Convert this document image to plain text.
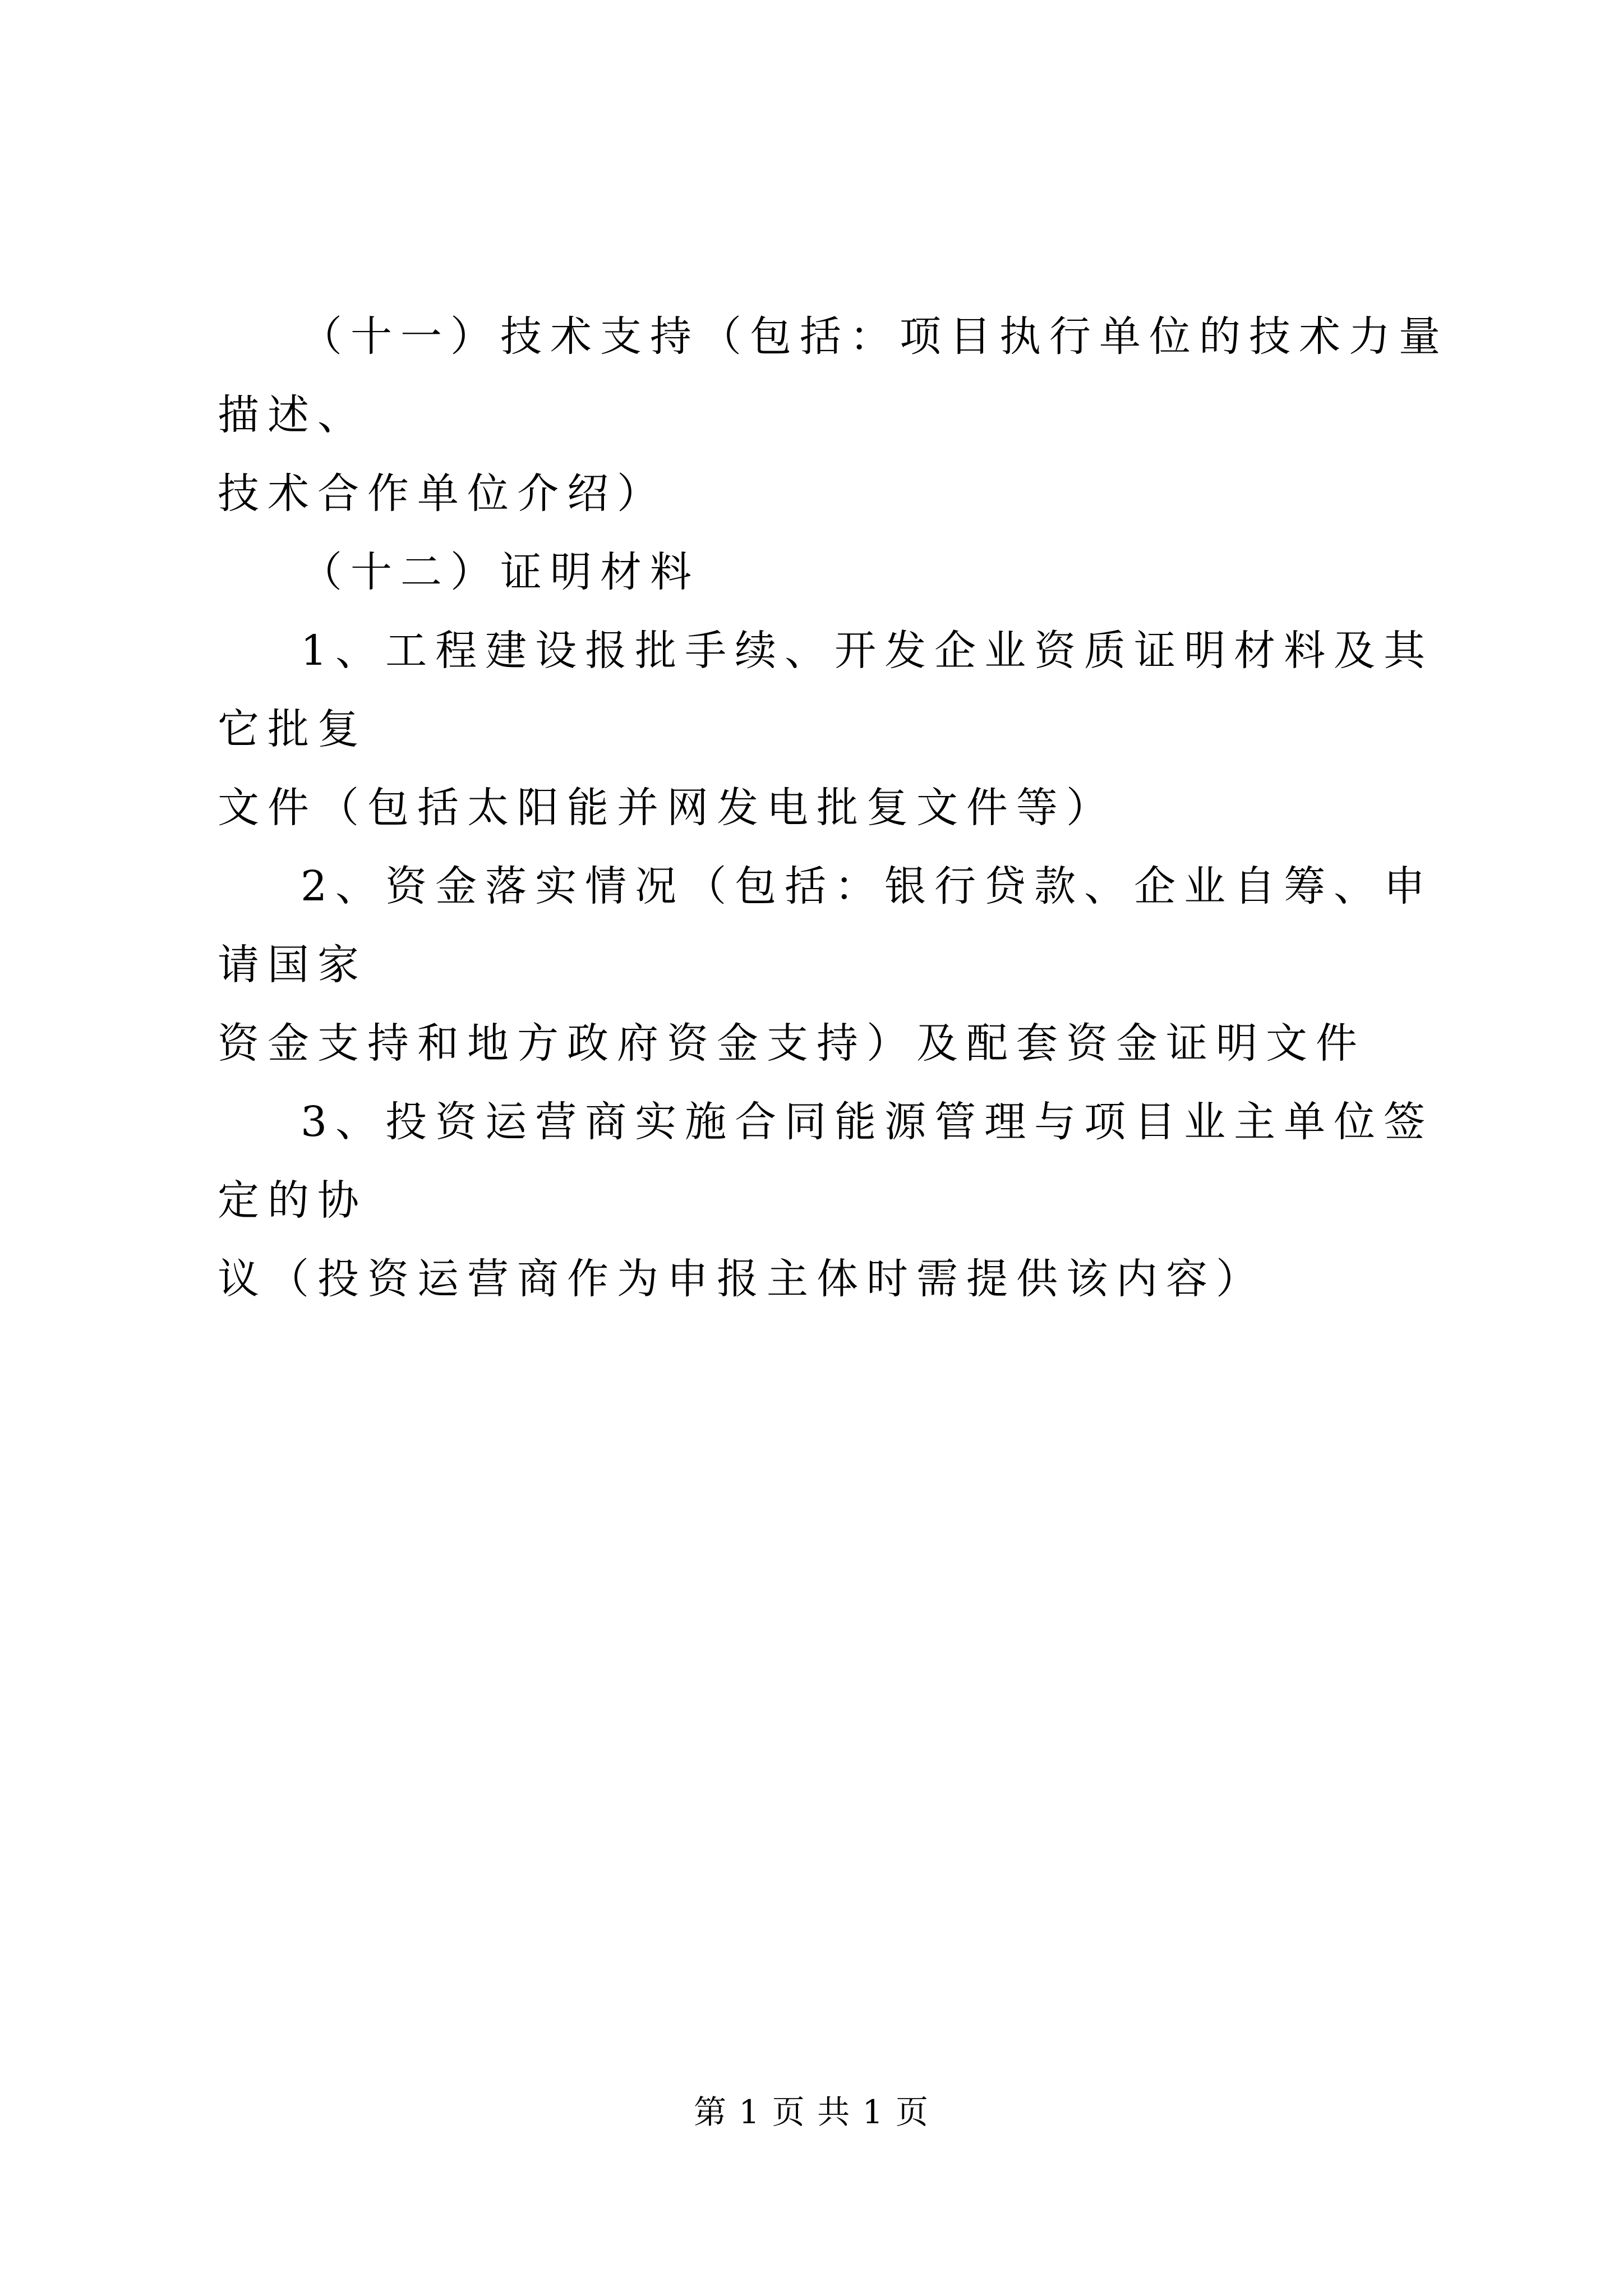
（十一）技术支持（包括：项目执行单位的技术力量描述、
技术合作单位介绍）

（十二）证明材料

1、工程建设报批手续、开发企业资质证明材料及其它批复
文件（包括太阳能并网发电批复文件等）

2、资金落实情况（包括：银行贷款、企业自筹、申请国家
资金支持和地方政府资金支持）及配套资金证明文件

3、投资运营商实施合同能源管理与项目业主单位签定的协
议（投资运营商作为申报主体时需提供该内容）

第 1 页 共 1 页
